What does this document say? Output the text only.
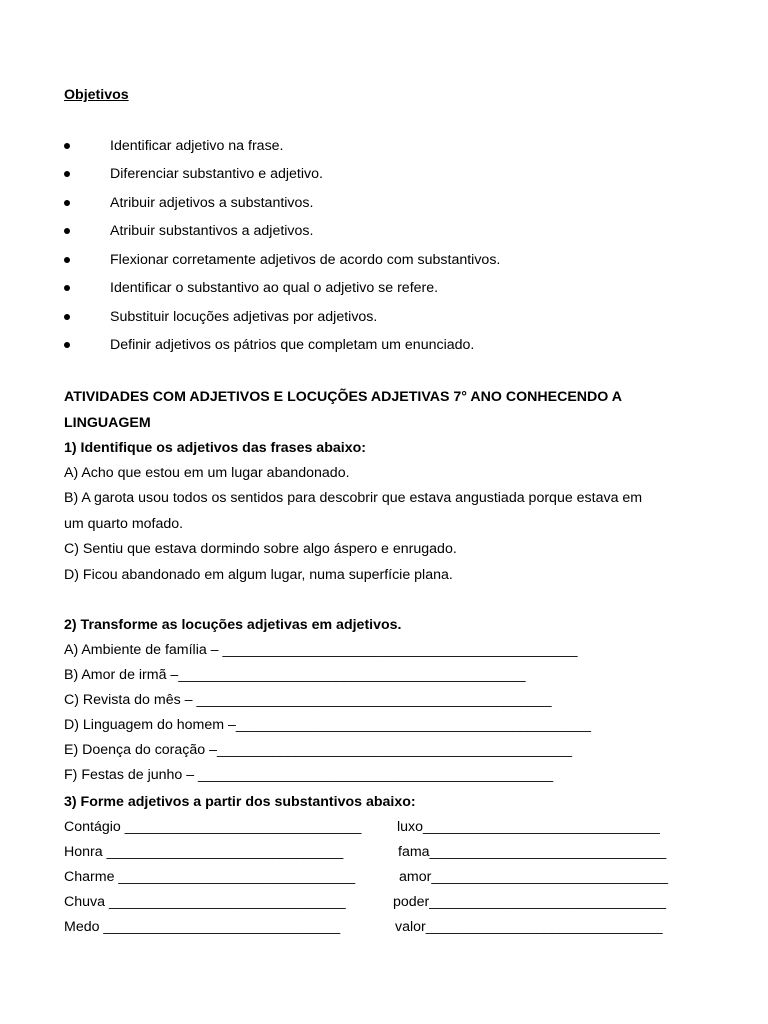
Objetivos
Identificar adjetivo na frase.
Diferenciar substantivo e adjetivo.
Atribuir adjetivos a substantivos.
Atribuir substantivos a adjetivos.
Flexionar corretamente adjetivos de acordo com substantivos.
Identificar o substantivo ao qual o adjetivo se refere.
Substituir locuções adjetivas por adjetivos.
Definir adjetivos os pátrios que completam um enunciado.
ATIVIDADES COM ADJETIVOS E LOCUÇÕES ADJETIVAS 7° ANO CONHECENDO A
LINGUAGEM
1) Identifique os adjetivos das frases abaixo:
A) Acho que estou em um lugar abandonado.
B) A garota usou todos os sentidos para descobrir que estava angustiada porque estava em
um quarto mofado.
C) Sentiu que estava dormindo sobre algo áspero e enrugado.
D) Ficou abandonado em algum lugar, numa superfície plana.
2) Transforme as locuções adjetivas em adjetivos.
A) Ambiente de família – _____________________________________________
B) Amor de irmã –____________________________________________
C) Revista do mês – _____________________________________________
D) Linguagem do homem –_____________________________________________
E) Doença do coração –_____________________________________________
F) Festas de junho – _____________________________________________
3) Forme adjetivos a partir dos substantivos abaixo:
Contágio ______________________________
Honra ______________________________
Charme ______________________________
Chuva ______________________________
Medo ______________________________
luxo______________________________
fama______________________________
amor______________________________
poder______________________________
valor______________________________
